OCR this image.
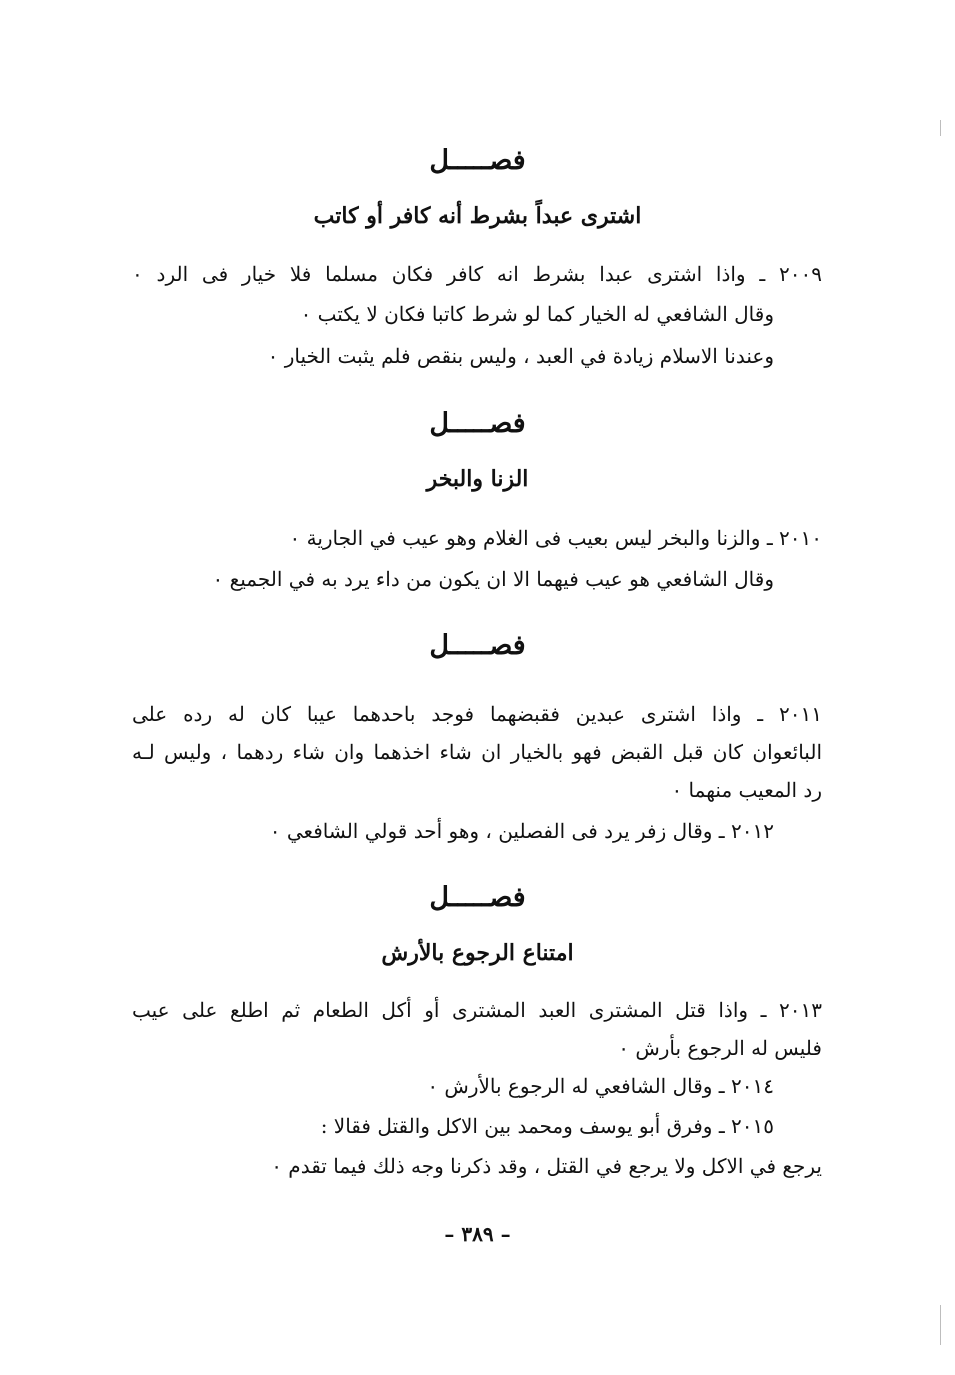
فصـــــل
اشترى عبداً بشرط أنه كافر أو كاتب
٢٠٠٩ ـ واذا اشترى عبدا بشرط انه كافر فكان مسلما فلا خيار فى الرد ٠
وقال الشافعي له الخيار كما لو شرط كاتبا فكان لا يكتب ٠
وعندنا الاسلام زيادة في العبد ، وليس بنقص فلم يثبت الخيار ٠
فصـــــل
الزنا والبخر
٢٠١٠ ـ والزنا والبخر ليس بعيب فى الغلام وهو عيب في الجارية ٠
وقال الشافعي هو عيب فيهما الا ان يكون من داء يرد به في الجميع ٠
فصـــــل
٢٠١١ ـ واذا اشترى عبدين فقبضهما فوجد باحدهما عيبا كان له رده على
البائعوان كان قبل القبض فهو بالخيار ان شاء اخذهما وان شاء ردهما ، وليس لـه
رد المعيب منهما ٠
٢٠١٢ ـ وقال زفر يرد فى الفصلين ، وهو أحد قولي الشافعي ٠
فصـــــل
امتناع الرجوع بالأرش
٢٠١٣ ـ واذا قتل المشترى العبد المشترى أو أكل الطعام ثم اطلع على عيب
فليس له الرجوع بأرش ٠
٢٠١٤ ـ وقال الشافعي له الرجوع بالأرش ٠
٢٠١٥ ـ وفرق أبو يوسف ومحمد بين الاكل والقتل فقالا :
يرجع في الاكل ولا يرجع في القتل ، وقد ذكرنا وجه ذلك فيما تقدم ٠
– ٣٨٩ –
